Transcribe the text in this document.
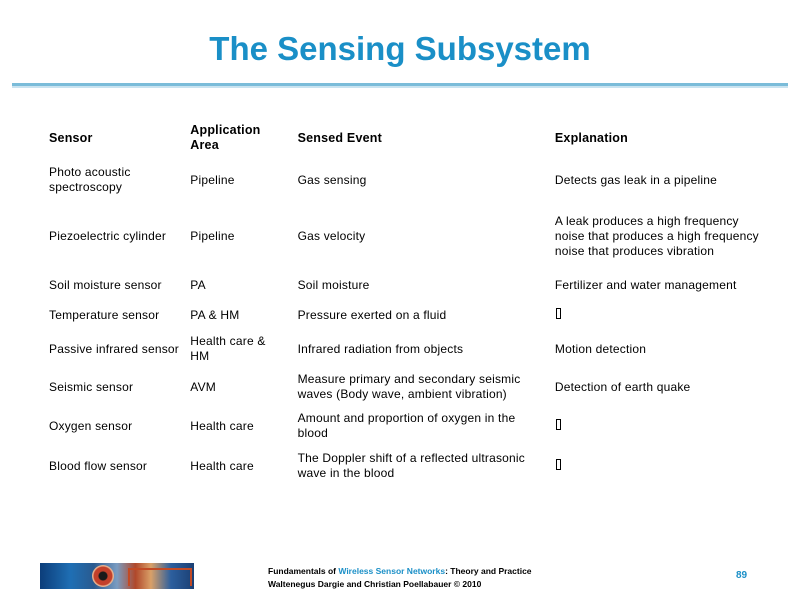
The Sensing Subsystem
Sensor	Application Area	Sensed Event	Explanation
Photo acoustic spectroscopy	Pipeline	Gas sensing	Detects gas leak in a pipeline
Piezoelectric cylinder	Pipeline	Gas velocity	A leak produces a high frequency noise that produces a high frequency noise that produces vibration
Soil moisture sensor	PA	Soil moisture	Fertilizer and water management
Temperature sensor	PA & HM	Pressure exerted on a fluid	
Passive infrared sensor	Health care & HM	Infrared radiation from objects	Motion detection
Seismic sensor	AVM	Measure primary and secondary seismic waves (Body wave, ambient vibration)	Detection of earth quake
Oxygen sensor	Health care	Amount and proportion of oxygen in the blood	
Blood flow sensor	Health care	The Doppler shift of a reflected ultrasonic wave in the blood	
Fundamentals of Wireless Sensor Networks: Theory and Practice
Waltenegus Dargie and Christian Poellabauer © 2010
89
